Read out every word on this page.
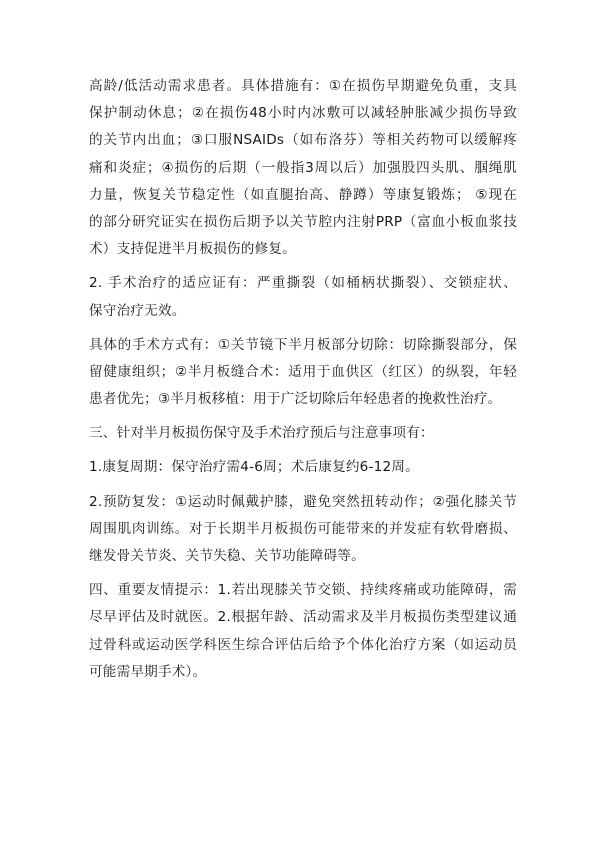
高龄/低活动需求患者。具体措施有：①在损伤早期避免负重，支具
保护制动休息；②在损伤48小时内冰敷可以减轻肿胀减少损伤导致
的关节内出血；③口服NSAIDs（如布洛芬）等相关药物可以缓解疼
痛和炎症；④损伤的后期（一般指3周以后）加强股四头肌、腘绳肌
力量，恢复关节稳定性（如直腿抬高、静蹲）等康复锻炼； ⑤现在
的部分研究证实在损伤后期予以关节腔内注射PRP（富血小板血浆技
术）支持促进半月板损伤的修复。
2. 手术治疗的适应证有：严重撕裂（如桶柄状撕裂）、交锁症状、
保守治疗无效。
具体的手术方式有：①关节镜下半月板部分切除：切除撕裂部分，保
留健康组织；②半月板缝合术：适用于血供区（红区）的纵裂，年轻
患者优先；③半月板移植：用于广泛切除后年轻患者的挽救性治疗。
三、针对半月板损伤保守及手术治疗预后与注意事项有：
1.康复周期：保守治疗需4-6周；术后康复约6-12周。
2.预防复发：①运动时佩戴护膝，避免突然扭转动作；②强化膝关节
周围肌肉训练。对于长期半月板损伤可能带来的并发症有软骨磨损、
继发骨关节炎、关节失稳、关节功能障碍等。
四、重要友情提示：1.若出现膝关节交锁、持续疼痛或功能障碍，需
尽早评估及时就医。2.根据年龄、活动需求及半月板损伤类型建议通
过骨科或运动医学科医生综合评估后给予个体化治疗方案（如运动员
可能需早期手术）。
